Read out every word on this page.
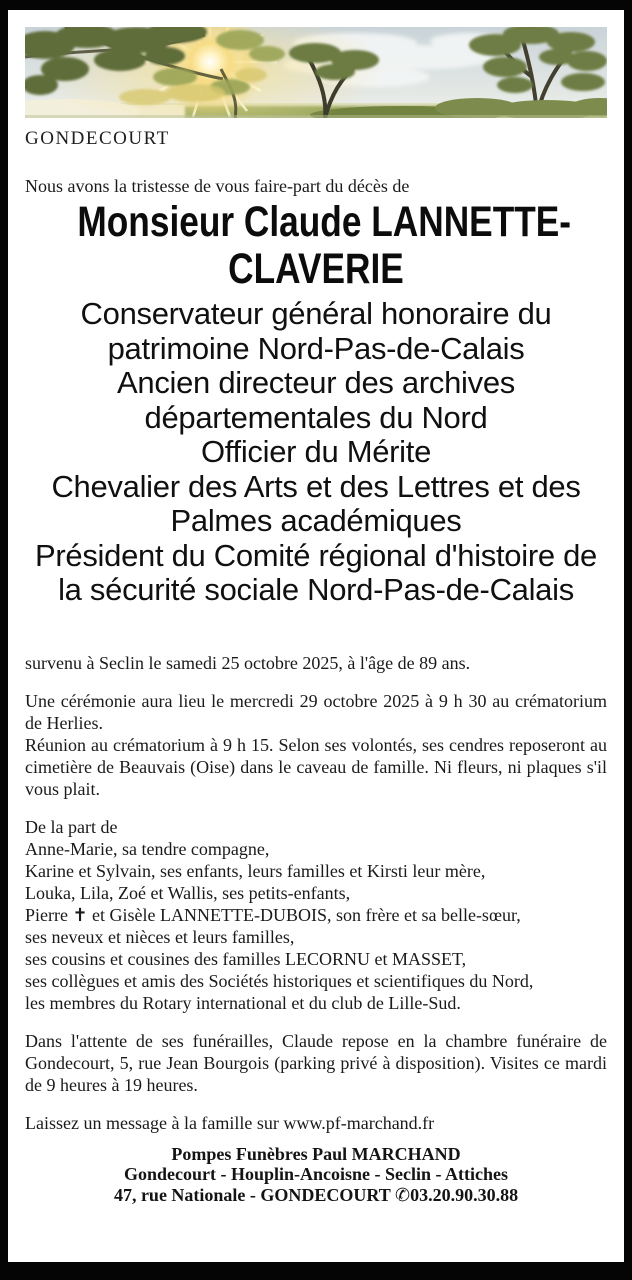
GONDECOURT
Nous avons la tristesse de vous faire-part du décès de
Monsieur Claude LANNETTE-
CLAVERIE
Conservateur général honoraire du patrimoine Nord-Pas-de-Calais
Ancien directeur des archives départementales du Nord
Officier du Mérite
Chevalier des Arts et des Lettres et des Palmes académiques
Président du Comité régional d'histoire de la sécurité sociale Nord-Pas-de-Calais
survenu à Seclin le samedi 25 octobre 2025, à l'âge de 89 ans.
Une cérémonie aura lieu le mercredi 29 octobre 2025 à 9 h 30 au crématorium de Herlies.
Réunion au crématorium à 9 h 15. Selon ses volontés, ses cendres reposeront au cimetière de Beauvais (Oise) dans le caveau de famille. Ni fleurs, ni plaques s'il vous plait.
De la part de
Anne-Marie, sa tendre compagne,
Karine et Sylvain, ses enfants, leurs familles et Kirsti leur mère,
Louka, Lila, Zoé et Wallis, ses petits-enfants,
Pierre ✝ et Gisèle LANNETTE-DUBOIS, son frère et sa belle-sœur,
ses neveux et nièces et leurs familles,
ses cousins et cousines des familles LECORNU et MASSET,
ses collègues et amis des Sociétés historiques et scientifiques du Nord,
les membres du Rotary international et du club de Lille-Sud.
Dans l'attente de ses funérailles, Claude repose en la chambre funéraire de Gondecourt, 5, rue Jean Bourgois (parking privé à disposition). Visites ce mardi de 9 heures à 19 heures.
Laissez un message à la famille sur www.pf-marchand.fr
Pompes Funèbres Paul MARCHAND
Gondecourt - Houplin-Ancoisne - Seclin - Attiches
47, rue Nationale - GONDECOURT ✆03.20.90.30.88
